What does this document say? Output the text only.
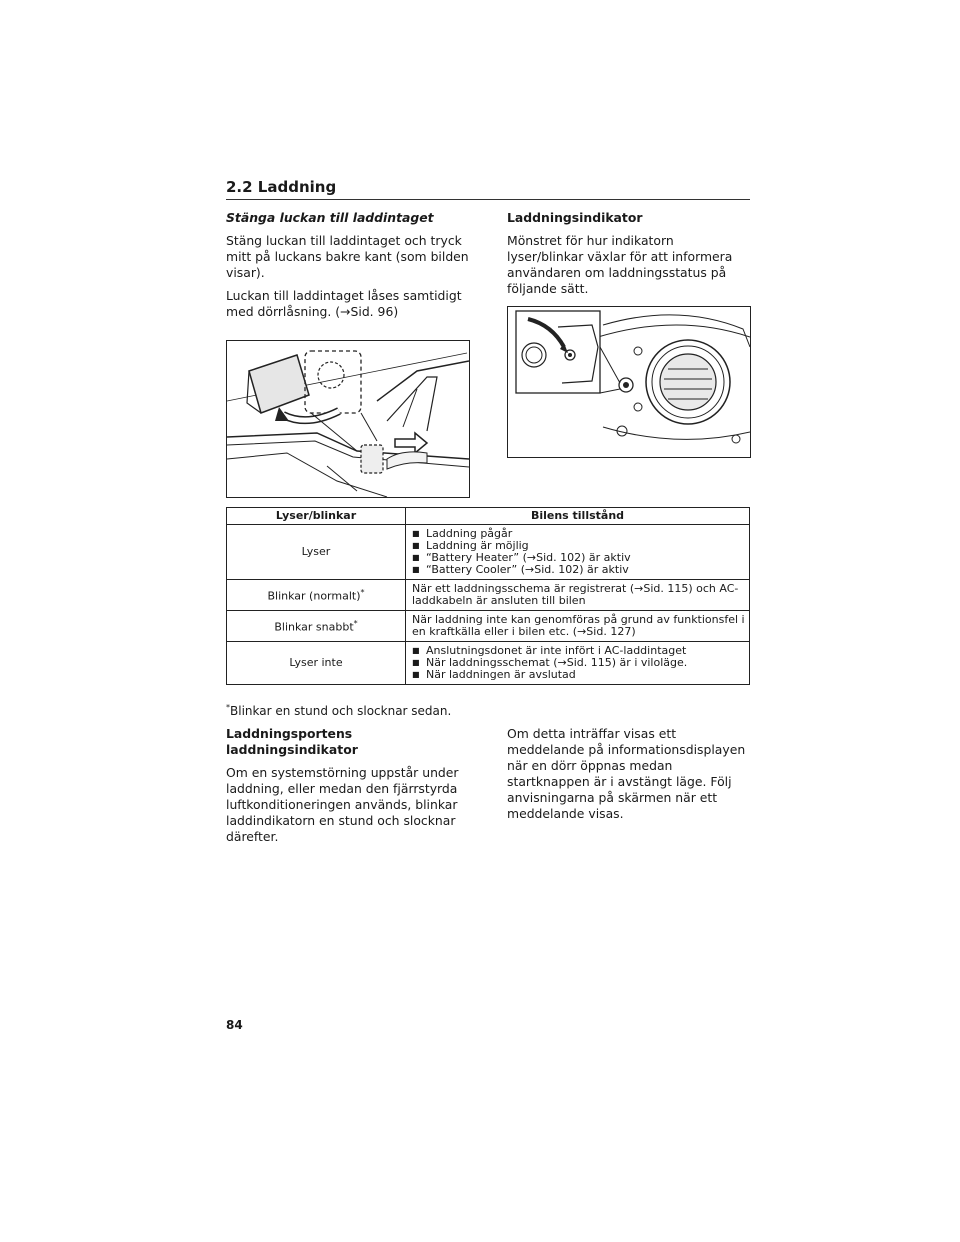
2.2 Laddning

Stänga luckan till laddintaget

Stäng luckan till laddintaget och tryck mitt på luckans bakre kant (som bilden visar).

Luckan till laddintaget låses samtidigt med dörrlåsning. (→Sid. 96)

Laddningsindikator

Mönstret för hur indikatorn lyser/blinkar växlar för att informera användaren om laddningsstatus på följande sätt.

Lyser/blinkar	Bilens tillstånd
Lyser	■ Laddning pågår
■ Laddning är möjlig
■ “Battery Heater” (→Sid. 102) är aktiv
■ “Battery Cooler” (→Sid. 102) är aktiv

Blinkar (normalt)*	När ett laddningsschema är registrerat (→Sid. 115) och AC-laddkabeln är ansluten till bilen
Blinkar snabbt*	När laddning inte kan genomföras på grund av funktionsfel i en kraftkälla eller i bilen etc. (→Sid. 127)
Lyser inte	■ Anslutningsdonet är inte infört i AC-laddintaget
■ När laddningsschemat (→Sid. 115) är i viloläge.
■ När laddningen är avslutad
*Blinkar en stund och slocknar sedan.

Laddningsportens laddningsindikator

Om en systemstörning uppstår under laddning, eller medan den fjärrstyrda luftkonditioneringen används, blinkar laddindikatorn en stund och slocknar därefter.

Om detta inträffar visas ett meddelande på informationsdisplayen när en dörr öppnas medan startknappen är i avstängt läge. Följ anvisningarna på skärmen när ett meddelande visas.

84
